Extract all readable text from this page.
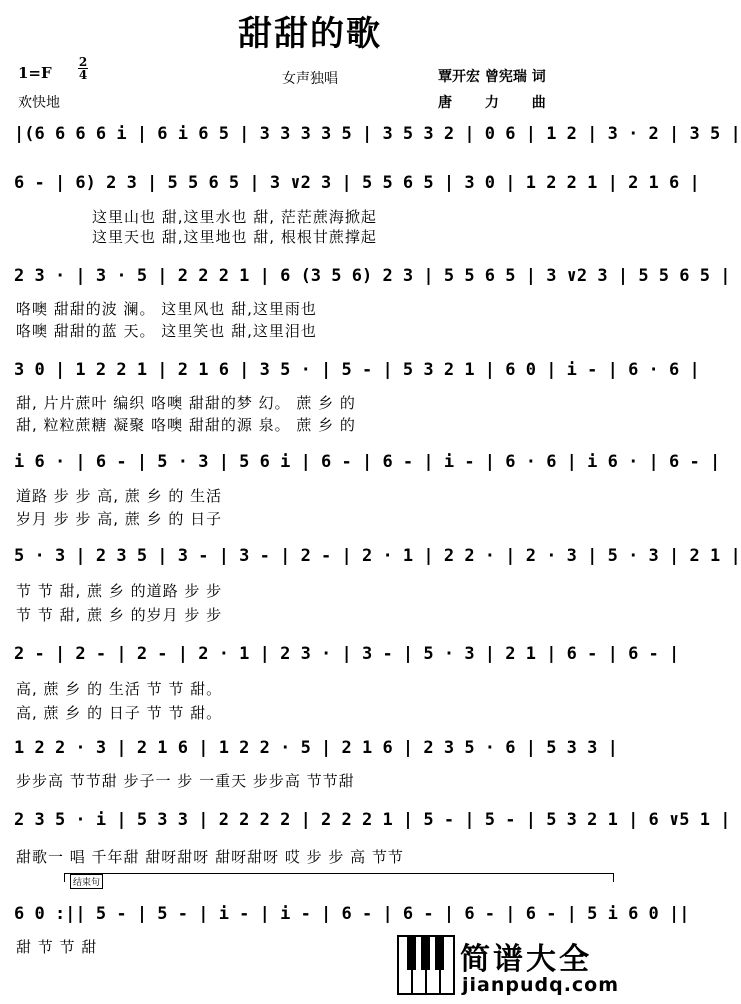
甜甜的歌
1=F
2
4
欢快地
女声独唱	覃开宏 曾宪瑞 词
唐 力 曲
|(6 6 6 6 i | 6 i 6 5 | 3 3 3 3 5 | 3 5 3 2 | 0 6 | 1 2 | 3 · 2 | 3 5 |
6 - | 6) 2 3 | 5 5 6 5 | 3 ∨2 3 | 5 5 6 5 | 3 0 | 1 2 2 1 | 2 1 6 |
这里山也 甜,这里水也 甜, 茫茫蔗海掀起
这里天也 甜,这里地也 甜, 根根甘蔗撑起
2 3 · | 3 · 5 | 2 2 2 1 | 6 (3 5 6) 2 3 | 5 5 6 5 | 3 ∨2 3 | 5 5 6 5 |
咯噢 甜甜的波 澜。 这里风也 甜,这里雨也
咯噢 甜甜的蓝 天。 这里笑也 甜,这里泪也
3 0 | 1 2 2 1 | 2 1 6 | 3 5 · | 5 - | 5 3 2 1 | 6 0 | i - | 6 · 6 |
甜, 片片蔗叶 编织 咯噢 甜甜的梦 幻。 蔗 乡 的
甜, 粒粒蔗糖 凝聚 咯噢 甜甜的源 泉。 蔗 乡 的
i 6 · | 6 - | 5 · 3 | 5 6 i | 6 - | 6 - | i - | 6 · 6 | i 6 · | 6 - |
道路 步 步 高, 蔗 乡 的 生活
岁月 步 步 高, 蔗 乡 的 日子
5 · 3 | 2 3 5 | 3 - | 3 - | 2 - | 2 · 1 | 2 2 · | 2 · 3 | 5 · 3 | 2 1 |
节 节 甜, 蔗 乡 的道路 步 步
节 节 甜, 蔗 乡 的岁月 步 步
2 - | 2 - | 2 - | 2 · 1 | 2 3 · | 3 - | 5 · 3 | 2 1 | 6 - | 6 - |
高, 蔗 乡 的 生活 节 节 甜。
高, 蔗 乡 的 日子 节 节 甜。
1 2 2 · 3 | 2 1 6 | 1 2 2 · 5 | 2 1 6 | 2 3 5 · 6 | 5 3 3 |
步步高 节节甜 步子一 步 一重天 步步高 节节甜
2 3 5 · i | 5 3 3 | 2 2 2 2 | 2 2 2 1 | 5 - | 5 - | 5 3 2 1 | 6 ∨5 1 |
甜歌一 唱 千年甜 甜呀甜呀 甜呀甜呀 哎 步 步 高 节节
结束句
6 0 :|| 5 - | 5 - | i - | i - | 6 - | 6 - | 6 - | 6 - | 5 i 6 0 ||
甜 节 节 甜	简谱大全
jianpudq.com
